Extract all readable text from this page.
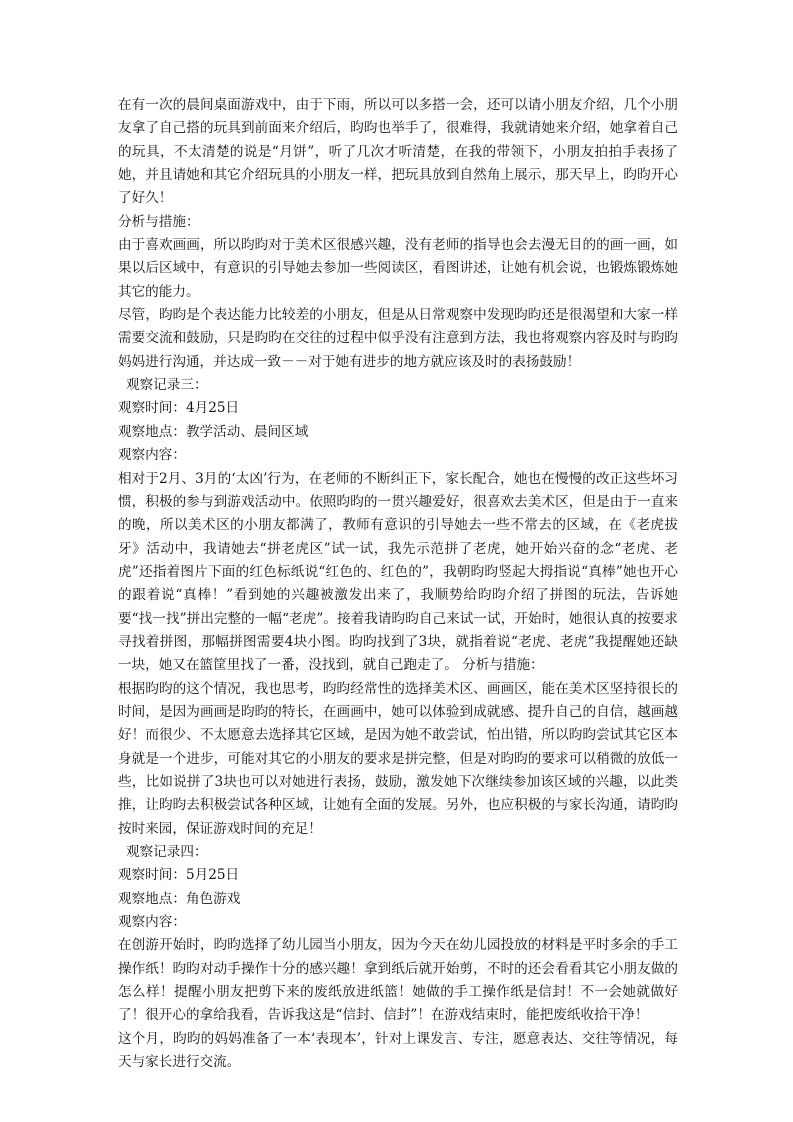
在有一次的晨间桌面游戏中，由于下雨，所以可以多搭一会，还可以请小朋友介绍，几个小朋友拿了自己搭的玩具到前面来介绍后，昀昀也举手了，很难得，我就请她来介绍，她拿着自己的玩具，不太清楚的说是“月饼”，听了几次才听清楚，在我的带领下，小朋友拍拍手表扬了她，并且请她和其它介绍玩具的小朋友一样，把玩具放到自然角上展示，那天早上，昀昀开心了好久！

分析与措施：

由于喜欢画画，所以昀昀对于美术区很感兴趣，没有老师的指导也会去漫无目的的画一画，如果以后区域中，有意识的引导她去参加一些阅读区，看图讲述，让她有机会说，也锻炼锻炼她其它的能力。

尽管，昀昀是个表达能力比较差的小朋友，但是从日常观察中发现昀昀还是很渴望和大家一样需要交流和鼓励，只是昀昀在交往的过程中似乎没有注意到方法，我也将观察内容及时与昀昀妈妈进行沟通，并达成一致－－对于她有进步的地方就应该及时的表扬鼓励！

观察记录三：

观察时间：4月25日

观察地点：教学活动、晨间区域

观察内容：

相对于2月、3月的‘太凶’行为，在老师的不断纠正下，家长配合，她也在慢慢的改正这些坏习惯，积极的参与到游戏活动中。依照昀昀的一贯兴趣爱好，很喜欢去美术区，但是由于一直来的晚，所以美术区的小朋友都满了，教师有意识的引导她去一些不常去的区域，在《老虎拔牙》活动中，我请她去“拼老虎区”试一试，我先示范拼了老虎，她开始兴奋的念“老虎、老虎”还指着图片下面的红色标纸说“红色的、红色的”，我朝昀昀竖起大拇指说“真棒”她也开心的跟着说“真棒！”看到她的兴趣被激发出来了，我顺势给昀昀介绍了拼图的玩法，告诉她要“找一找”拼出完整的一幅“老虎”。接着我请昀昀自己来试一试，开始时，她很认真的按要求寻找着拼图，那幅拼图需要4块小图。昀昀找到了3块，就指着说“老虎、老虎”我提醒她还缺一块，她又在篮筐里找了一番，没找到，就自己跑走了。 分析与措施：

根据昀昀的这个情况，我也思考，昀昀经常性的选择美术区、画画区，能在美术区坚持很长的时间，是因为画画是昀昀的特长，在画画中，她可以体验到成就感、提升自己的自信，越画越好！而很少、不太愿意去选择其它区域，是因为她不敢尝试，怕出错，所以昀昀尝试其它区本身就是一个进步，可能对其它的小朋友的要求是拼完整，但是对昀昀的要求可以稍微的放低一些，比如说拼了3块也可以对她进行表扬，鼓励，激发她下次继续参加该区域的兴趣，以此类推，让昀昀去积极尝试各种区域，让她有全面的发展。另外，也应积极的与家长沟通，请昀昀按时来园，保证游戏时间的充足！

观察记录四：

观察时间：5月25日

观察地点：角色游戏

观察内容：

在创游开始时，昀昀选择了幼儿园当小朋友，因为今天在幼儿园投放的材料是平时多余的手工操作纸！昀昀对动手操作十分的感兴趣！拿到纸后就开始剪，不时的还会看看其它小朋友做的怎么样！提醒小朋友把剪下来的废纸放进纸篮！她做的手工操作纸是信封！不一会她就做好了！很开心的拿给我看，告诉我这是“信封、信封”！在游戏结束时，能把废纸收拾干净！

这个月，昀昀的妈妈准备了一本‘表现本’，针对上课发言、专注，愿意表达、交往等情况，每天与家长进行交流。
